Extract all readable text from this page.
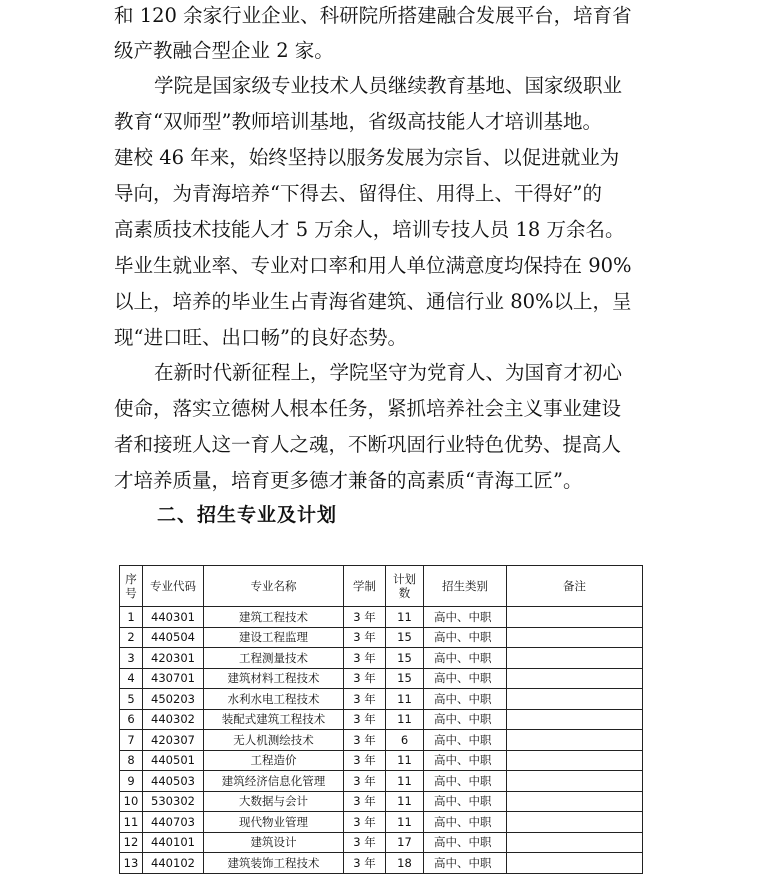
和 120 余家行业企业、科研院所搭建融合发展平台，培育省
级产教融合型企业 2 家。
学院是国家级专业技术人员继续教育基地、国家级职业
教育“双师型”教师培训基地，省级高技能人才培训基地。
建校 46 年来，始终坚持以服务发展为宗旨、以促进就业为
导向，为青海培养“下得去、留得住、用得上、干得好”的
高素质技术技能人才 5 万余人，培训专技人员 18 万余名。
毕业生就业率、专业对口率和用人单位满意度均保持在 90%
以上，培养的毕业生占青海省建筑、通信行业 80%以上，呈
现“进口旺、出口畅”的良好态势。
在新时代新征程上，学院坚守为党育人、为国育才初心
使命，落实立德树人根本任务，紧抓培养社会主义事业建设
者和接班人这一育人之魂，不断巩固行业特色优势、提高人
才培养质量，培育更多德才兼备的高素质“青海工匠”。
二、招生专业及计划
序号	专业代码	专业名称	学制	计划数	招生类别	备注
1	440301	建筑工程技术	3 年	11	高中、中职	
2	440504	建设工程监理	3 年	15	高中、中职	
3	420301	工程测量技术	3 年	15	高中、中职	
4	430701	建筑材料工程技术	3 年	15	高中、中职	
5	450203	水利水电工程技术	3 年	11	高中、中职	
6	440302	装配式建筑工程技术	3 年	11	高中、中职	
7	420307	无人机测绘技术	3 年	6	高中、中职	
8	440501	工程造价	3 年	11	高中、中职	
9	440503	建筑经济信息化管理	3 年	11	高中、中职	
10	530302	大数据与会计	3 年	11	高中、中职	
11	440703	现代物业管理	3 年	11	高中、中职	
12	440101	建筑设计	3 年	17	高中、中职	
13	440102	建筑装饰工程技术	3 年	18	高中、中职	
